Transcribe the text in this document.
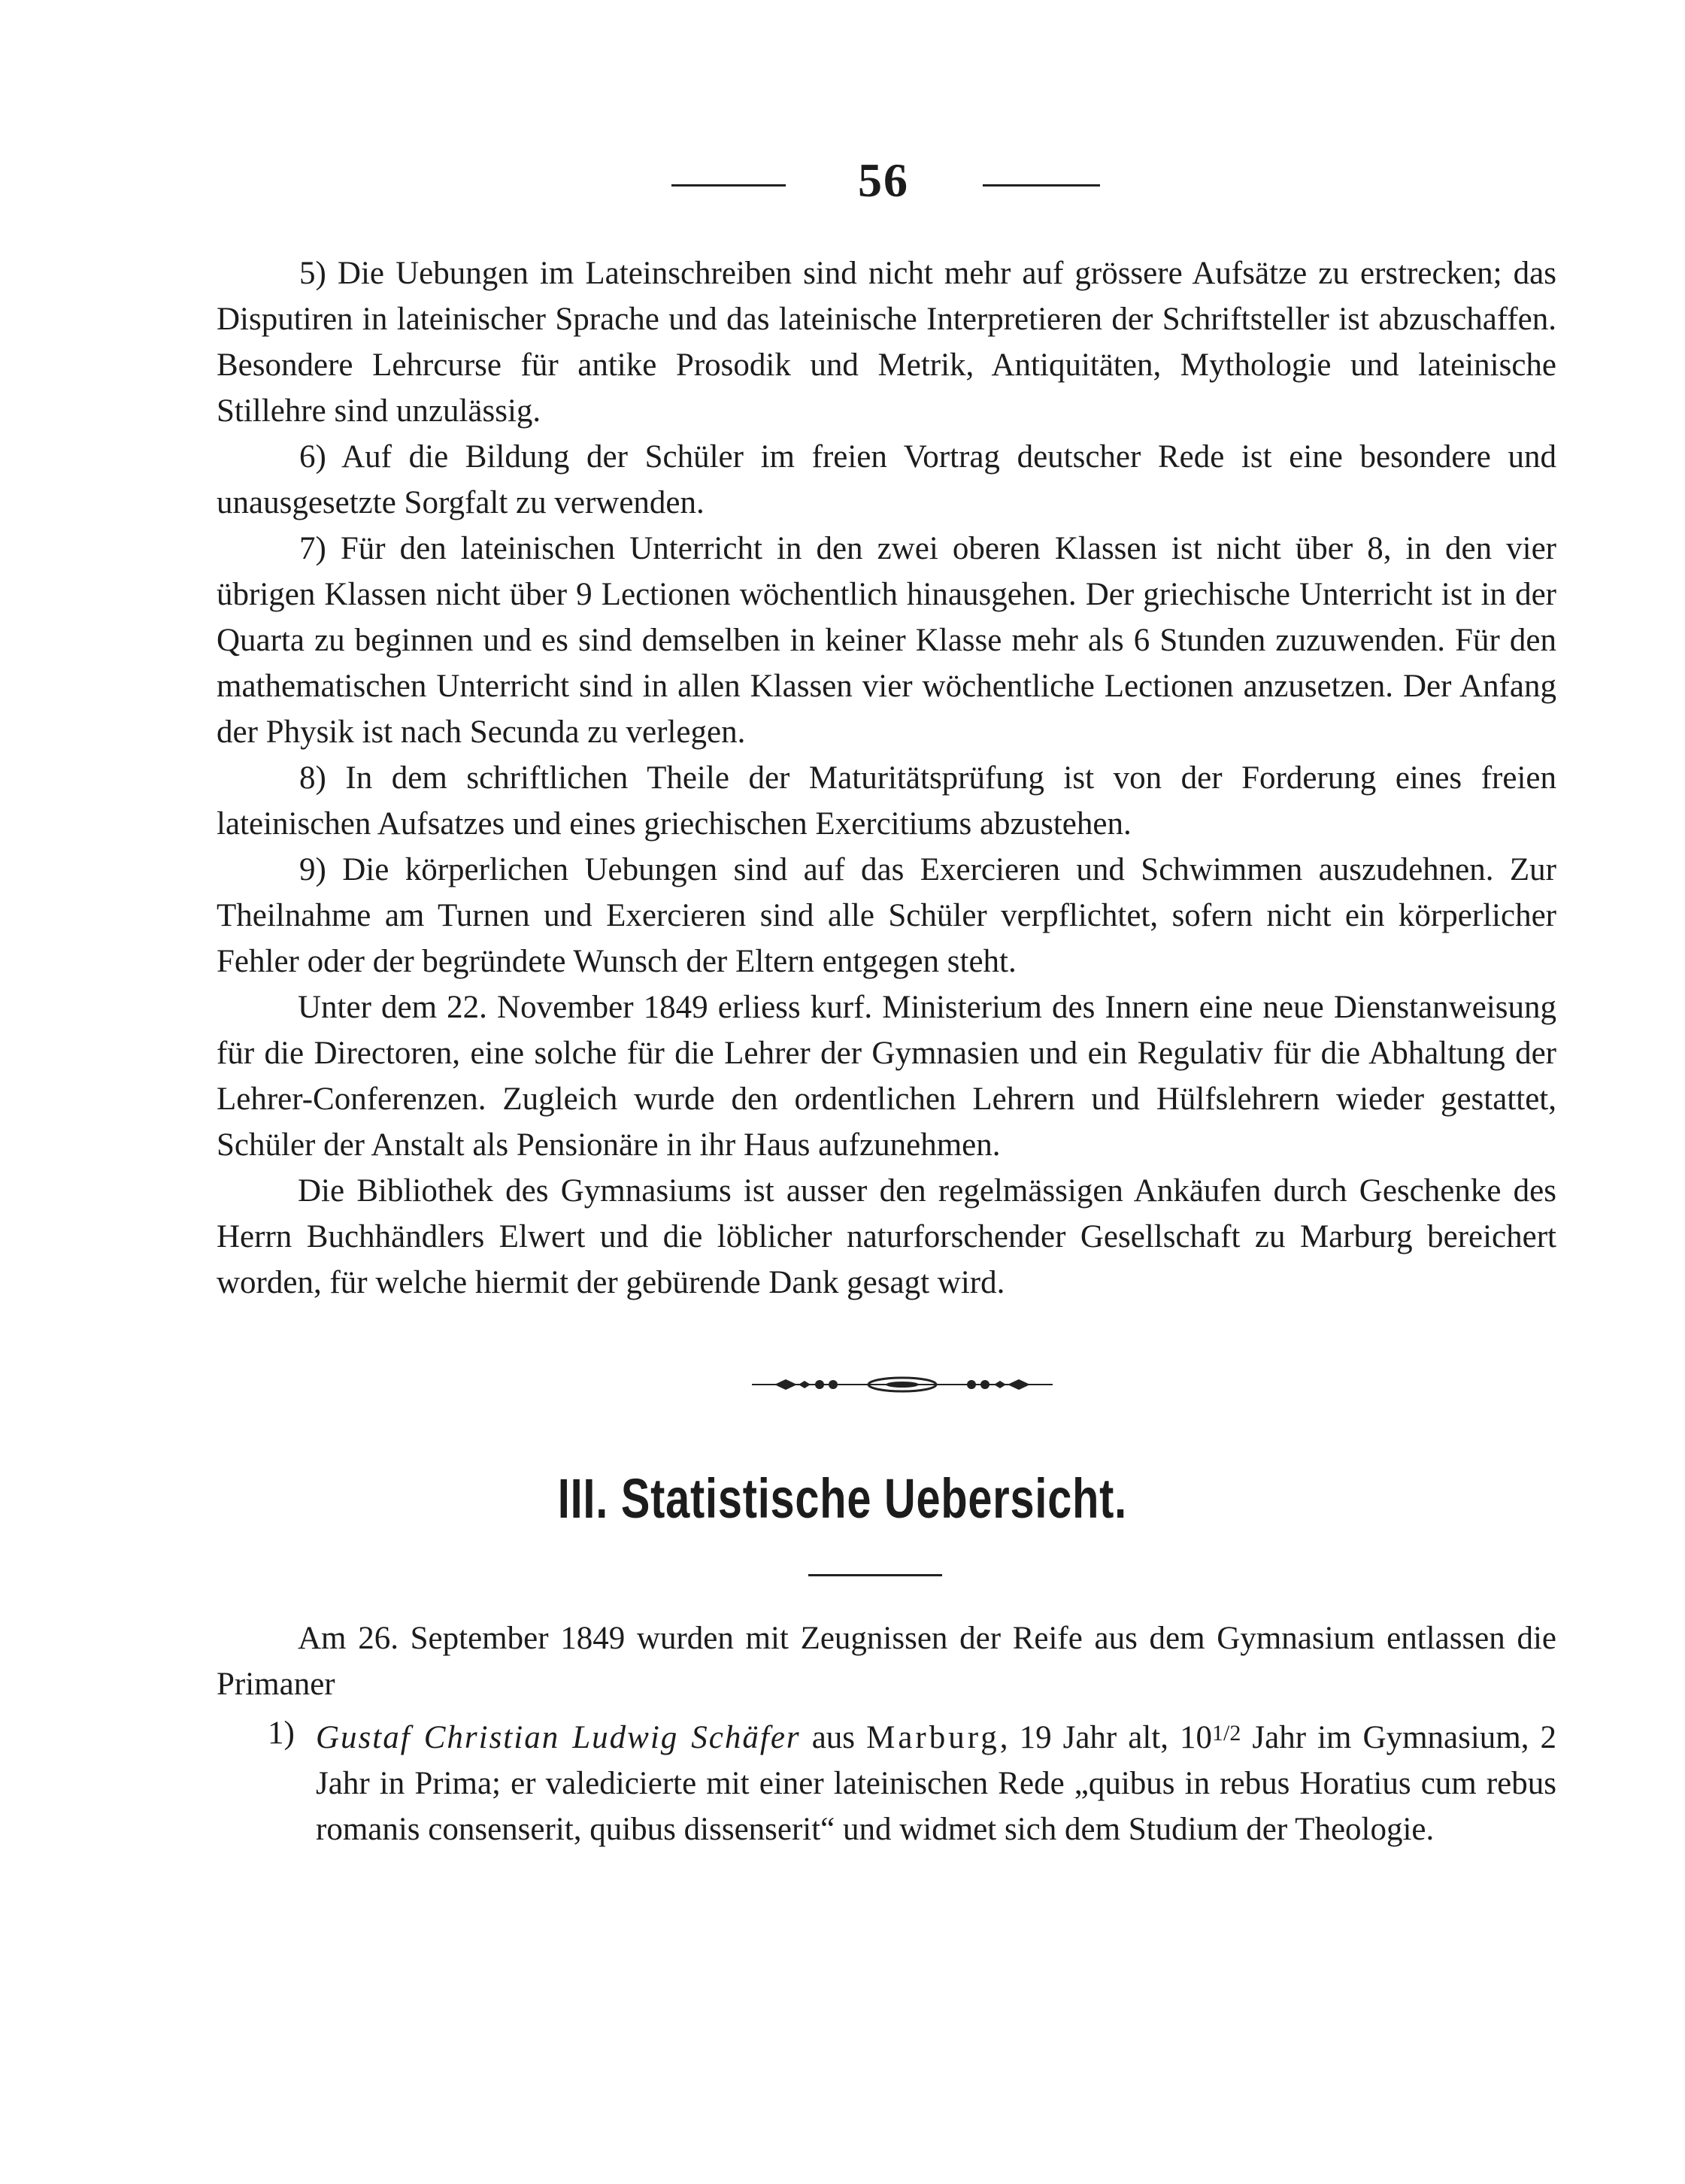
56

5) Die Uebungen im Lateinschreiben sind nicht mehr auf grössere Aufsätze zu erstrecken; das Disputiren in lateinischer Sprache und das lateinische Interpretieren der Schriftsteller ist abzuschaffen. Besondere Lehrcurse für antike Prosodik und Metrik, Antiquitäten, Mythologie und lateinische Stillehre sind unzulässig.

6) Auf die Bildung der Schüler im freien Vortrag deutscher Rede ist eine besondere und unausgesetzte Sorgfalt zu verwenden.

7) Für den lateinischen Unterricht in den zwei oberen Klassen ist nicht über 8, in den vier übrigen Klassen nicht über 9 Lectionen wöchentlich hinausgehen. Der griechische Unterricht ist in der Quarta zu beginnen und es sind demselben in keiner Klasse mehr als 6 Stunden zuzuwenden. Für den mathematischen Unterricht sind in allen Klassen vier wöchentliche Lectionen anzusetzen. Der Anfang der Physik ist nach Secunda zu verlegen.

8) In dem schriftlichen Theile der Maturitätsprüfung ist von der Forderung eines freien lateinischen Aufsatzes und eines griechischen Exercitiums abzustehen.

9) Die körperlichen Uebungen sind auf das Exercieren und Schwimmen auszudehnen. Zur Theilnahme am Turnen und Exercieren sind alle Schüler verpflichtet, sofern nicht ein körperlicher Fehler oder der begründete Wunsch der Eltern entgegen steht.

Unter dem 22. November 1849 erliess kurf. Ministerium des Innern eine neue Dienstanweisung für die Directoren, eine solche für die Lehrer der Gymnasien und ein Regulativ für die Abhaltung der Lehrer-Conferenzen. Zugleich wurde den ordentlichen Lehrern und Hülfslehrern wieder gestattet, Schüler der Anstalt als Pensionäre in ihr Haus aufzunehmen.

Die Bibliothek des Gymnasiums ist ausser den regelmässigen Ankäufen durch Geschenke des Herrn Buchhändlers Elwert und die löblicher naturforschender Gesellschaft zu Marburg bereichert worden, für welche hiermit der gebürende Dank gesagt wird.

III. Statistische Uebersicht.

Am 26. September 1849 wurden mit Zeugnissen der Reife aus dem Gymnasium entlassen die Primaner

1) Gustaf Christian Ludwig Schäfer aus Marburg, 19 Jahr alt, $10^{1/2}$ Jahr im Gymnasium, 2 Jahr in Prima; er valedicierte mit einer lateinischen Rede „quibus in rebus Horatius cum rebus romanis consenserit, quibus dissenserit“ und widmet sich dem Studium der Theologie.
